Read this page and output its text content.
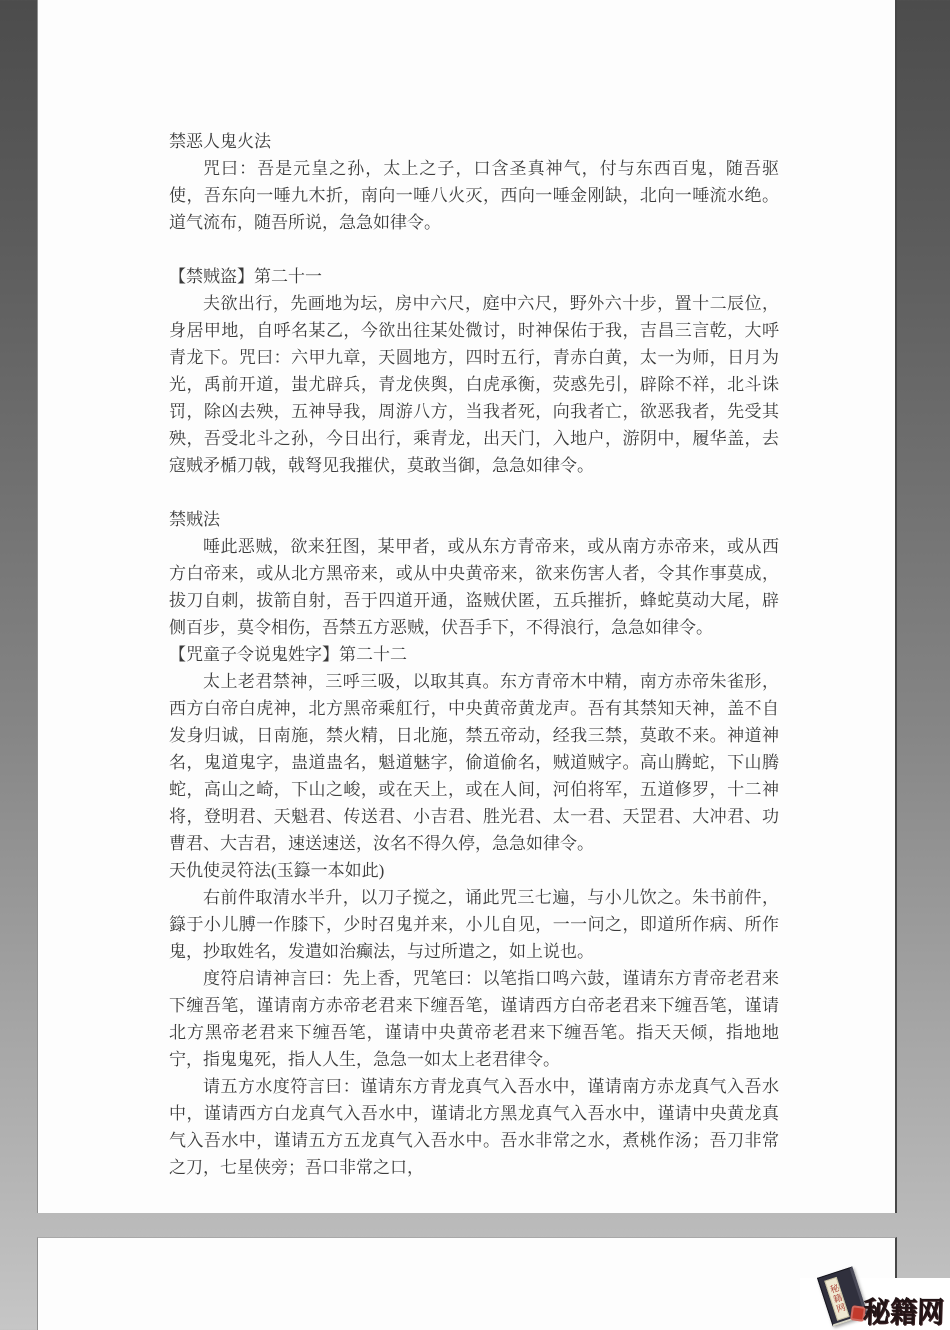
禁恶人鬼火法
咒曰：吾是元皇之孙，太上之子，口含圣真神气，付与东西百鬼，随吾驱使，吾东向一唾九木折，南向一唾八火灭，西向一唾金刚缺，北向一唾流水绝。道气流布，随吾所说，急急如律令。
【禁贼盗】第二十一
夫欲出行，先画地为坛，房中六尺，庭中六尺，野外六十步，置十二辰位，身居甲地，自呼名某乙，今欲出往某处微讨，时神保佑于我，吉昌三言乾，大呼青龙下。咒曰：六甲九章，天圆地方，四时五行，青赤白黄，太一为师，日月为光，禹前开道，蚩尤辟兵，青龙侠舆，白虎承衡，荧惑先引，辟除不祥，北斗诛罚，除凶去殃，五神导我，周游八方，当我者死，向我者亡，欲恶我者，先受其殃，吾受北斗之孙，今日出行，乘青龙，出天门，入地户，游阴中，履华盖，去寇贼矛楯刀戟，戟弩见我摧伏，莫敢当御，急急如律令。
禁贼法
唾此恶贼，欲来狂图，某甲者，或从东方青帝来，或从南方赤帝来，或从西方白帝来，或从北方黑帝来，或从中央黄帝来，欲来伤害人者，令其作事莫成，拔刀自刺，拔箭自射，吾于四道开通，盗贼伏匿，五兵摧折，蜂蛇莫动大尾，辟侧百步，莫令相伤，吾禁五方恶贼，伏吾手下，不得浪行，急急如律令。
【咒童子令说鬼姓字】第二十二
太上老君禁神，三呼三吸，以取其真。东方青帝木中精，南方赤帝朱雀形，西方白帝白虎神，北方黑帝乘舡行，中央黄帝黄龙声。吾有其禁知天神，盖不自发身归诚，日南施，禁火精，日北施，禁五帝动，经我三禁，莫敢不来。神道神名，鬼道鬼字，蛊道蛊名，魁道魅字，偷道偷名，贼道贼字。高山腾蛇，下山腾蛇，高山之崎，下山之峻，或在天上，或在人间，河伯将军，五道修罗，十二神将，登明君、天魁君、传送君、小吉君、胜光君、太一君、天罡君、大冲君、功曹君、大吉君，速送速送，汝名不得久停，急急如律令。
天仇使灵符法(玉籙一本如此)
右前件取清水半升，以刀子搅之，诵此咒三七遍，与小儿饮之。朱书前件，籙于小儿膊一作膝下，少时召鬼并来，小儿自见，一一问之，即道所作病、所作鬼，抄取姓名，发遣如治癫法，与过所遣之，如上说也。
度符启请神言曰：先上香，咒笔曰：以笔指口鸣六鼓，谨请东方青帝老君来下缠吾笔，谨请南方赤帝老君来下缠吾笔，谨请西方白帝老君来下缠吾笔，谨请北方黑帝老君来下缠吾笔，谨请中央黄帝老君来下缠吾笔。指天天倾，指地地宁，指鬼鬼死，指人人生，急急一如太上老君律令。
请五方水度符言曰：谨请东方青龙真气入吾水中，谨请南方赤龙真气入吾水中，谨请西方白龙真气入吾水中，谨请北方黑龙真气入吾水中，谨请中央黄龙真气入吾水中，谨请五方五龙真气入吾水中。吾水非常之水，煮桃作汤；吾刀非常之刀，七星侠旁；吾口非常之口，
秘籍网 秘籍网
